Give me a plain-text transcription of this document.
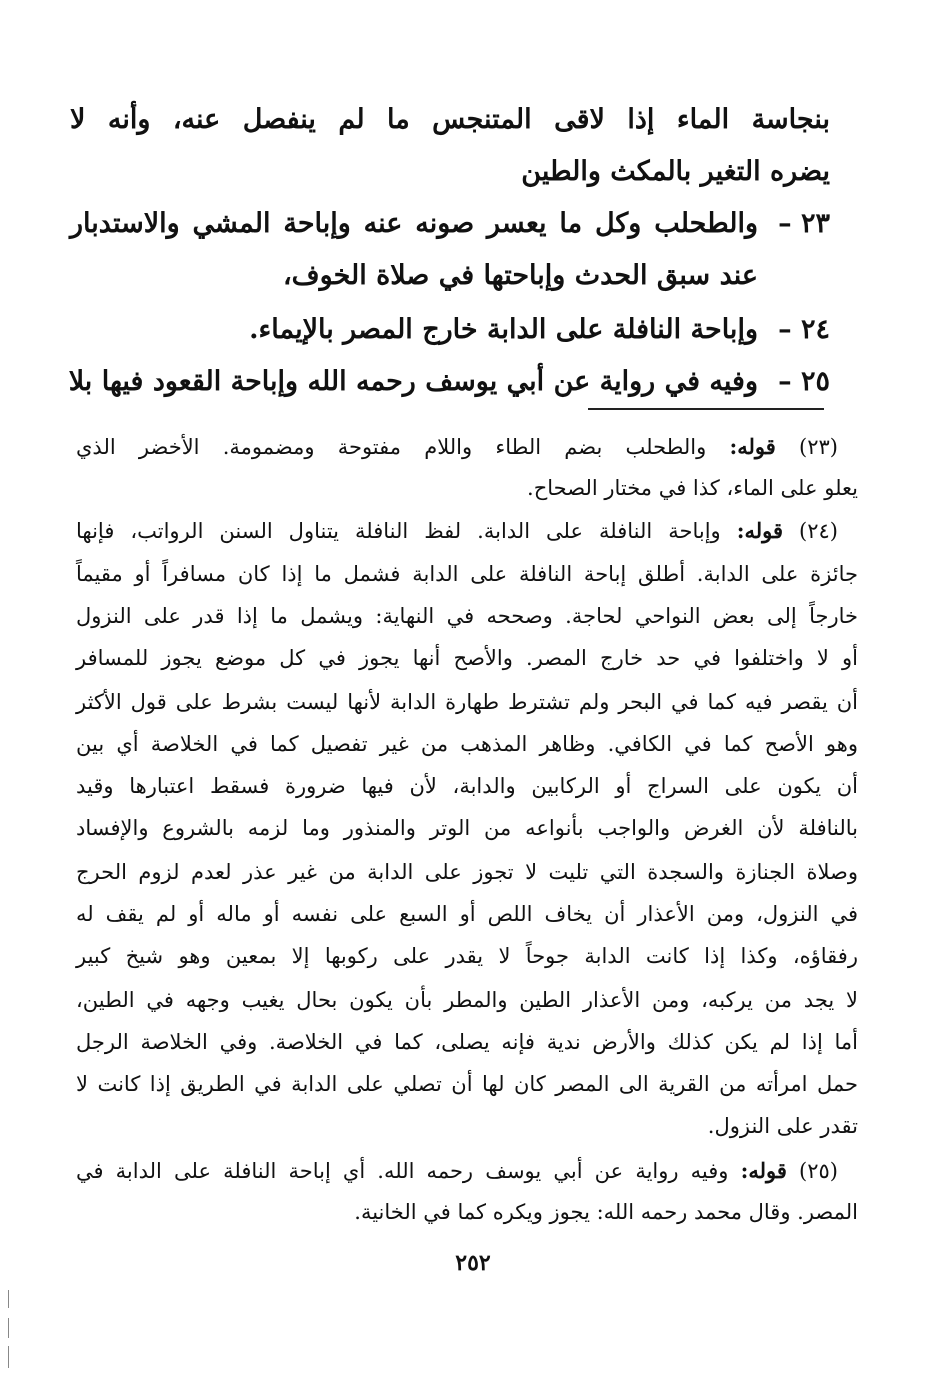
بنجاسة الماء إذا لاقى المتنجس ما لم ينفصل عنه، وأنه لا
يضره التغير بالمكث والطين
٢٣ –
والطحلب وكل ما يعسر صونه عنه وإباحة المشي والاستدبار
عند سبق الحدث وإباحتها في صلاة الخوف،
٢٤ –
وإباحة النافلة على الدابة خارج المصر بالإيماء.
٢٥ –
وفيه في رواية عن أبي يوسف رحمه الله وإباحة القعود فيها بلا
(٢٣) قوله: والطحلب بضم الطاء واللام مفتوحة ومضمومة. الأخضر الذي
يعلو على الماء، كذا في مختار الصحاح.
(٢٤) قوله: وإباحة النافلة على الدابة. لفظ النافلة يتناول السنن الرواتب، فإنها
جائزة على الدابة. أطلق إباحة النافلة على الدابة فشمل ما إذا كان مسافراً أو مقيماً
خارجاً إلى بعض النواحي لحاجة. وصححه في النهاية: ويشمل ما إذا قدر على النزول
أو لا واختلفوا في حد خارج المصر. والأصح أنها يجوز في كل موضع يجوز للمسافر
أن يقصر فيه كما في البحر ولم تشترط طهارة الدابة لأنها ليست بشرط على قول الأكثر
وهو الأصح كما في الكافي. وظاهر المذهب من غير تفصيل كما في الخلاصة أي بين
أن يكون على السراج أو الركابين والدابة، لأن فيها ضرورة فسقط اعتبارها وقيد
بالنافلة لأن الغرض والواجب بأنواعه من الوتر والمنذور وما لزمه بالشروع والإفساد
وصلاة الجنازة والسجدة التي تليت لا تجوز على الدابة من غير عذر لعدم لزوم الحرج
في النزول، ومن الأعذار أن يخاف اللص أو السبع على نفسه أو ماله أو لم يقف له
رفقاؤه، وكذا إذا كانت الدابة جوحاً لا يقدر على ركوبها إلا بمعين وهو شيخ كبير
لا يجد من يركبه، ومن الأعذار الطين والمطر بأن يكون بحال يغيب وجهه في الطين،
أما إذا لم يكن كذلك والأرض ندية فإنه يصلى، كما في الخلاصة. وفي الخلاصة الرجل
حمل امرأته من القرية الى المصر كان لها أن تصلي على الدابة في الطريق إذا كانت لا
تقدر على النزول.
(٢٥) قوله: وفيه رواية عن أبي يوسف رحمه الله. أي إباحة النافلة على الدابة في
المصر. وقال محمد رحمه الله: يجوز ويكره كما في الخانية.
٢٥٢
